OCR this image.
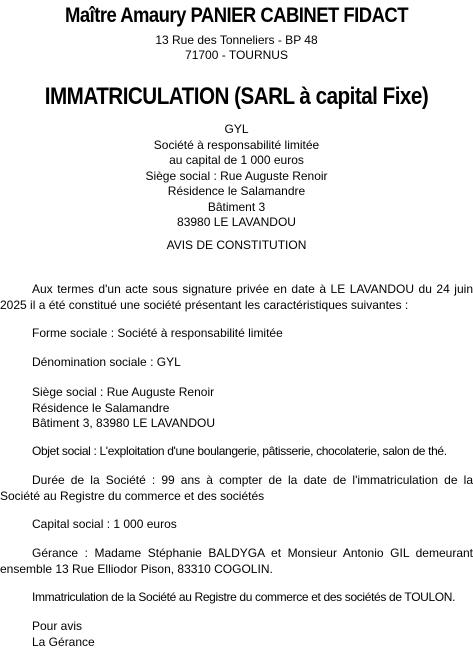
Maître Amaury PANIER CABINET FIDACT
13 Rue des Tonneliers - BP 48
71700 - TOURNUS
IMMATRICULATION (SARL à capital Fixe)
GYL
Société à responsabilité limitée
au capital de 1 000 euros
Siège social : Rue Auguste Renoir
Résidence le Salamandre
Bâtiment 3
83980 LE LAVANDOU
AVIS DE CONSTITUTION
Aux termes d'un acte sous signature privée en date à LE LAVANDOU du 24 juin 2025 il a été constitué une société présentant les caractéristiques suivantes :
Forme sociale : Société à responsabilité limitée
Dénomination sociale : GYL
Siège social : Rue Auguste Renoir
Résidence le Salamandre
Bâtiment 3, 83980 LE LAVANDOU
Objet social : L'exploitation d'une boulangerie, pâtisserie, chocolaterie, salon de thé.
Durée de la Société : 99 ans à compter de la date de l'immatriculation de la Société au Registre du commerce et des sociétés
Capital social : 1 000 euros
Gérance : Madame Stéphanie BALDYGA et Monsieur Antonio GIL demeurant ensemble 13 Rue Elliodor Pison, 83310 COGOLIN.
Immatriculation de la Société au Registre du commerce et des sociétés de TOULON.
Pour avis
La Gérance
